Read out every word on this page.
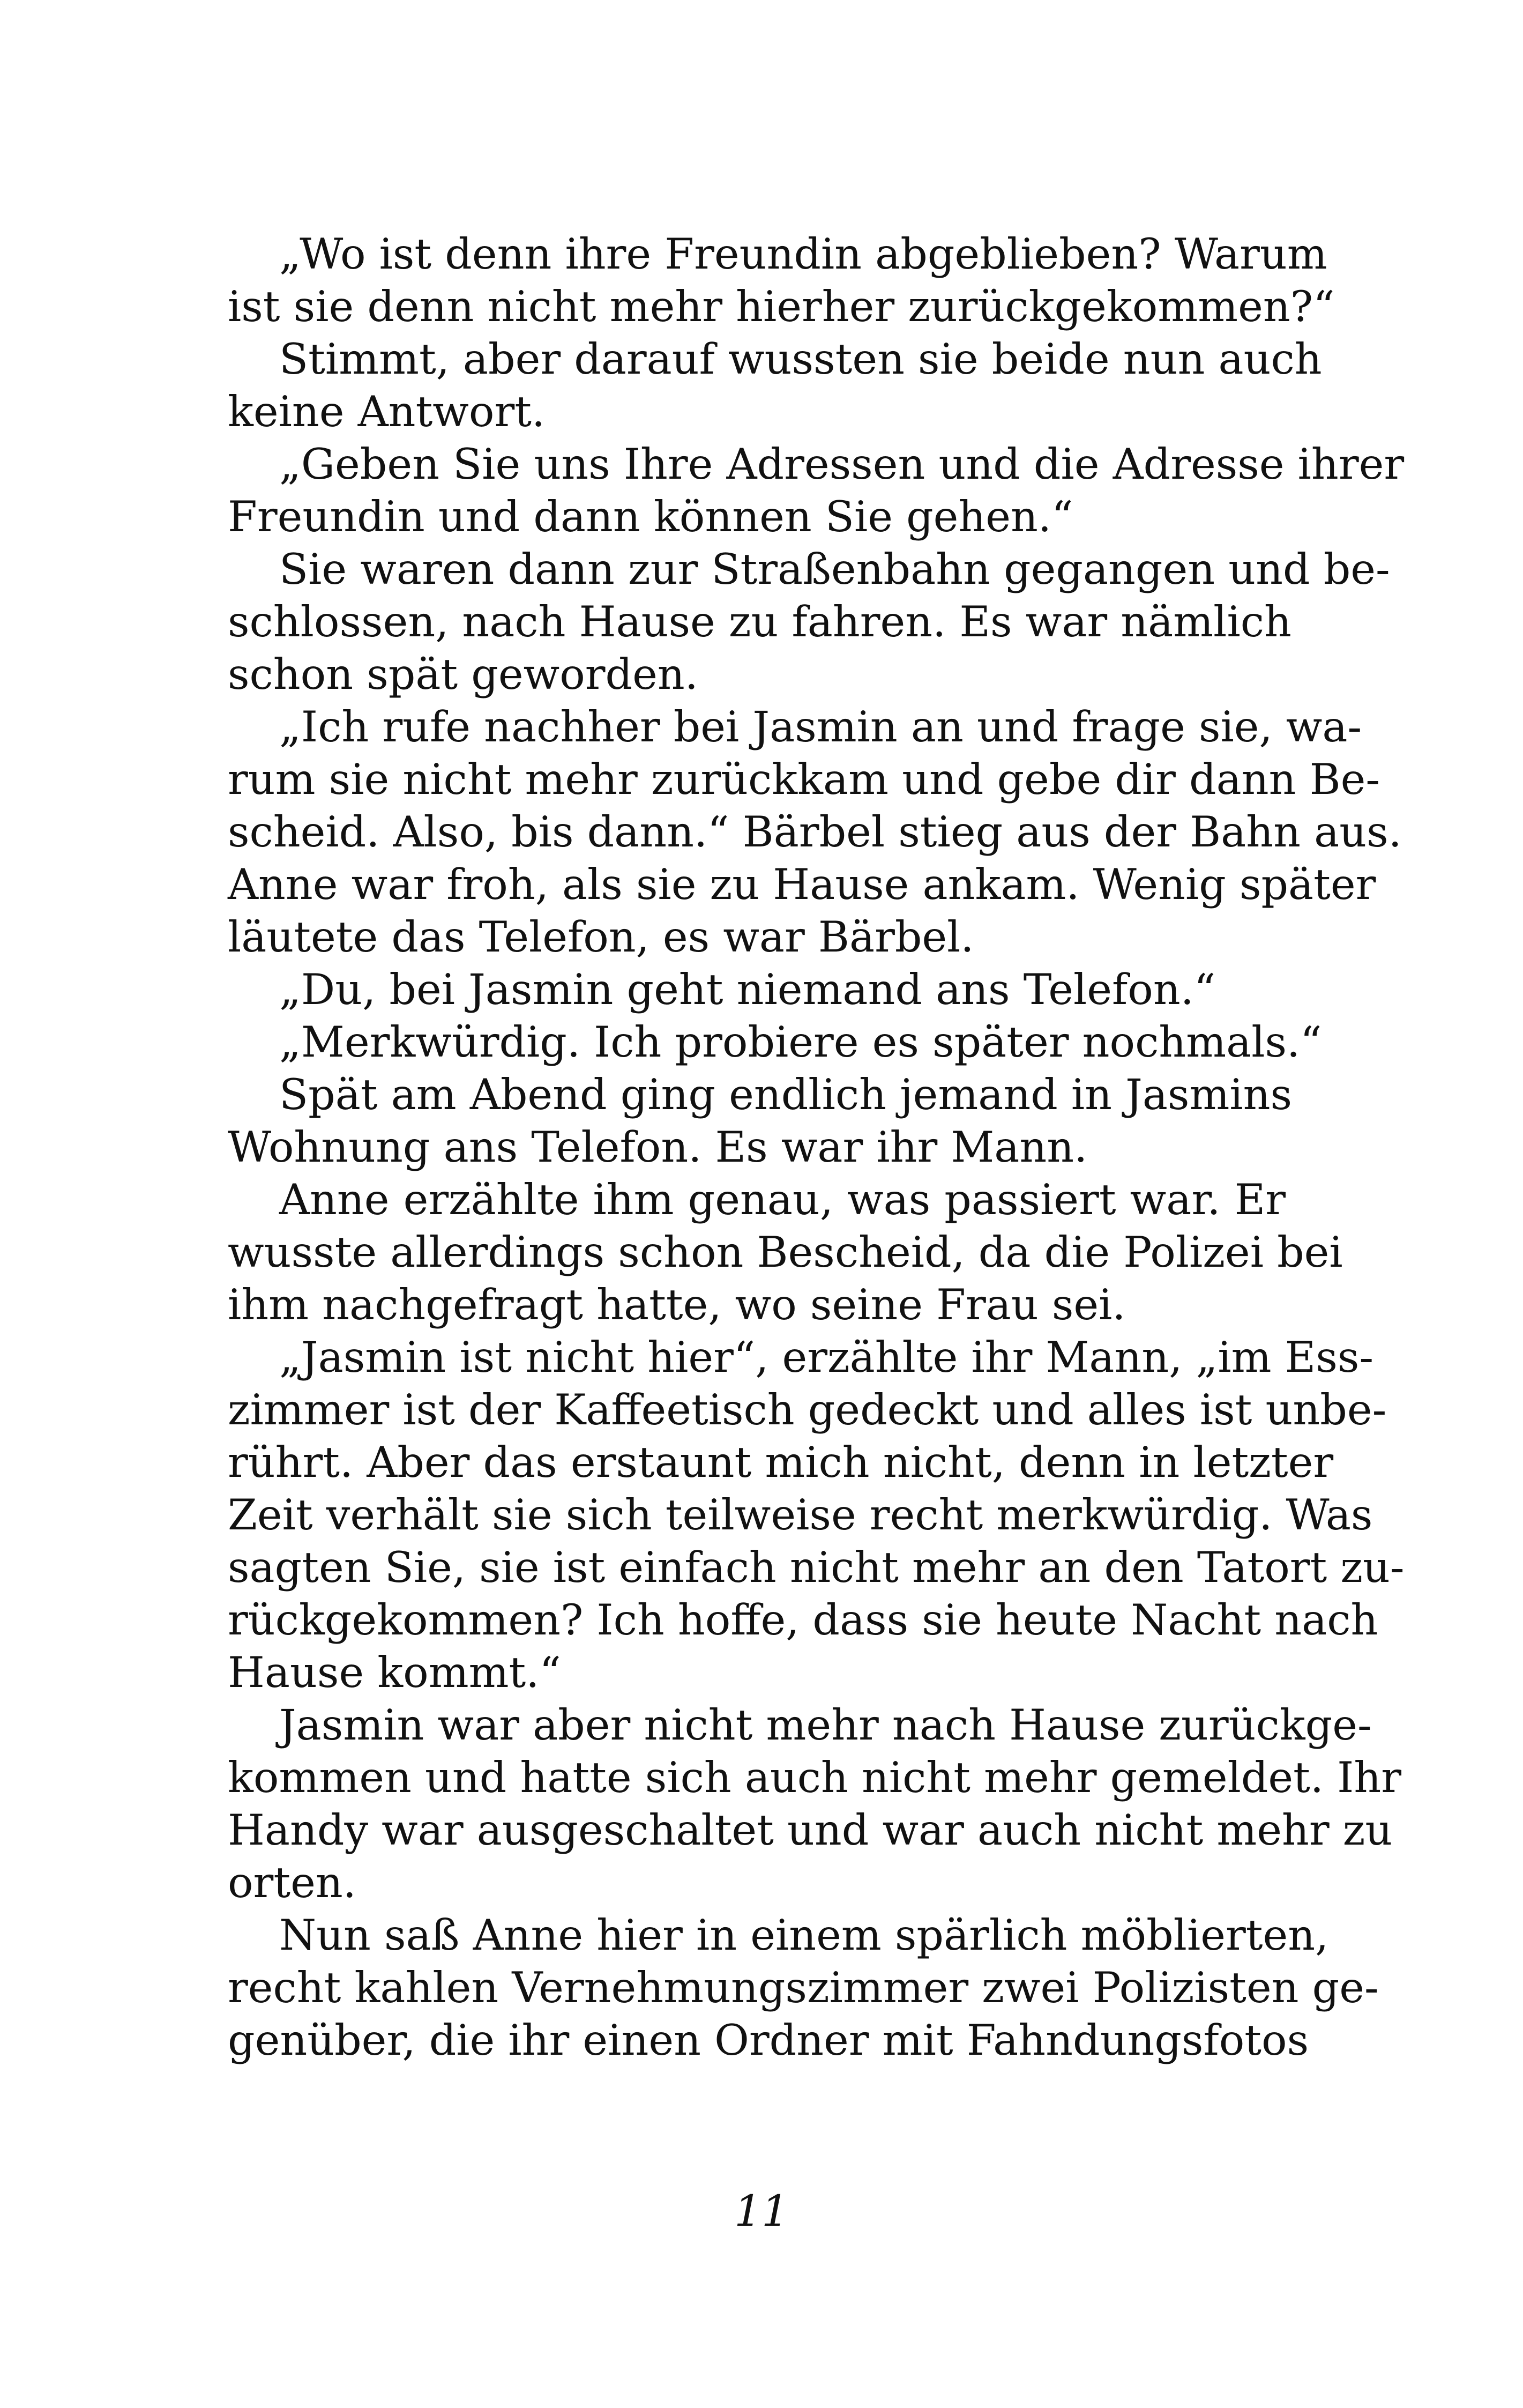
„Wo ist denn ihre Freundin abgeblieben? Warum
ist sie denn nicht mehr hierher zurückgekommen?“
Stimmt, aber darauf wussten sie beide nun auch
keine Antwort.
„Geben Sie uns Ihre Adressen und die Adresse ihrer
Freundin und dann können Sie gehen.“
Sie waren dann zur Straßenbahn gegangen und be-
schlossen, nach Hause zu fahren. Es war nämlich
schon spät geworden.
„Ich rufe nachher bei Jasmin an und frage sie, wa-
rum sie nicht mehr zurückkam und gebe dir dann Be-
scheid. Also, bis dann.“ Bärbel stieg aus der Bahn aus.
Anne war froh, als sie zu Hause ankam. Wenig später
läutete das Telefon, es war Bärbel.
„Du, bei Jasmin geht niemand ans Telefon.“
„Merkwürdig. Ich probiere es später nochmals.“
Spät am Abend ging endlich jemand in Jasmins
Wohnung ans Telefon. Es war ihr Mann.
Anne erzählte ihm genau, was passiert war. Er
wusste allerdings schon Bescheid, da die Polizei bei
ihm nachgefragt hatte, wo seine Frau sei.
„Jasmin ist nicht hier“, erzählte ihr Mann, „im Ess-
zimmer ist der Kaffeetisch gedeckt und alles ist unbe-
rührt. Aber das erstaunt mich nicht, denn in letzter
Zeit verhält sie sich teilweise recht merkwürdig. Was
sagten Sie, sie ist einfach nicht mehr an den Tatort zu-
rückgekommen? Ich hoffe, dass sie heute Nacht nach
Hause kommt.“
Jasmin war aber nicht mehr nach Hause zurückge-
kommen und hatte sich auch nicht mehr gemeldet. Ihr
Handy war ausgeschaltet und war auch nicht mehr zu
orten.
Nun saß Anne hier in einem spärlich möblierten,
recht kahlen Vernehmungszimmer zwei Polizisten ge-
genüber, die ihr einen Ordner mit Fahndungsfotos
11
